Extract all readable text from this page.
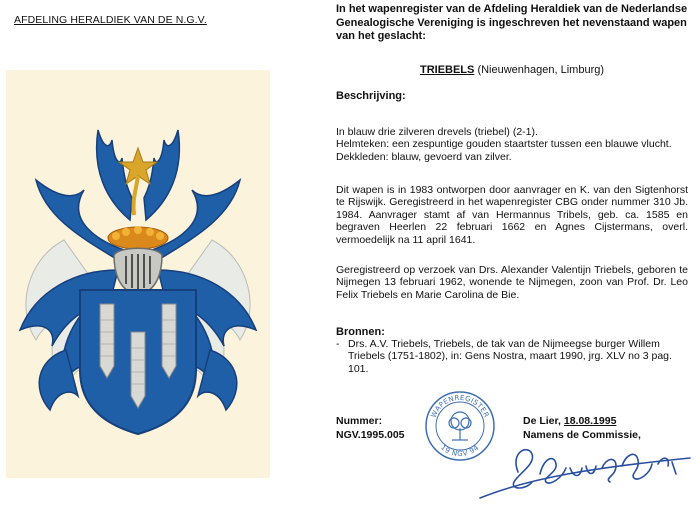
AFDELING HERALDIEK VAN DE N.G.V.
In het wapenregister van de Afdeling Heraldiek van de Nederlandse Genealogische Vereniging is ingeschreven het nevenstaand wapen van het geslacht:
TRIEBELS (Nieuwenhagen, Limburg)
Beschrijving:

In blauw drie zilveren drevels (triebel) (2-1).

Helmteken: een zespuntige gouden staartster tussen een blauwe vlucht.

Dekkleden: blauw, gevoerd van zilver.

Dit wapen is in 1983 ontworpen door aanvrager en K. van den Sigtenhorst te Rijswijk. Geregistreerd in het wapenregister CBG onder nummer 310 Jb. 1984. Aanvrager stamt af van Hermannus Tribels, geb. ca. 1585 en begraven Heerlen 22 februari 1662 en Agnes Cijstermans, overl. vermoedelijk na 11 april 1641.
Geregistreerd op verzoek van Drs. Alexander Valentijn Triebels, geboren te Nijmegen 13 februari 1962, wonende te Nijmegen, zoon van Prof. Dr. Leo Felix Triebels en Marie Carolina de Bie.
Bronnen:
- Drs. A.V. Triebels, Triebels, de tak van de Nijmeegse burger Willem Triebels (1751-1802), in: Gens Nostra, maart 1990, jrg. XLV no 3 pag. 101.
Nummer:
NGV.1995.005
De Lier, 18.08.1995
Namens de Commissie,
WAPENREGISTER
19 NGV 94
